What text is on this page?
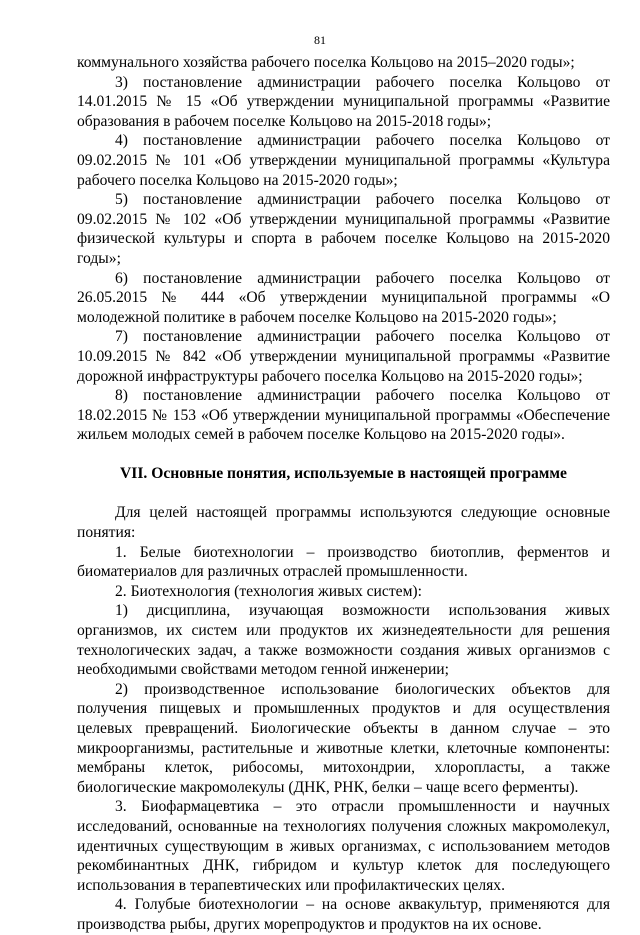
81

коммунального хозяйства рабочего поселка Кольцово на 2015–2020 годы»;

3) постановление администрации рабочего поселка Кольцово от 14.01.2015 № 15 «Об утверждении муниципальной программы «Развитие образования в рабочем поселке Кольцово на 2015-2018 годы»;

4) постановление администрации рабочего поселка Кольцово от 09.02.2015 № 101 «Об утверждении муниципальной программы «Культура рабочего поселка Кольцово на 2015-2020 годы»;

5) постановление администрации рабочего поселка Кольцово от 09.02.2015 № 102 «Об утверждении муниципальной программы «Развитие физической культуры и спорта в рабочем поселке Кольцово на 2015-2020 годы»;

6) постановление администрации рабочего поселка Кольцово от 26.05.2015 № 444 «Об утверждении муниципальной программы «О молодежной политике в рабочем поселке Кольцово на 2015-2020 годы»;

7) постановление администрации рабочего поселка Кольцово от 10.09.2015 № 842 «Об утверждении муниципальной программы «Развитие дорожной инфраструктуры рабочего поселка Кольцово на 2015-2020 годы»;

8) постановление администрации рабочего поселка Кольцово от 18.02.2015 № 153 «Об утверждении муниципальной программы «Обеспечение жильем молодых семей в рабочем поселке Кольцово на 2015-2020 годы».

VII. Основные понятия, используемые в настоящей программе

Для целей настоящей программы используются следующие основные понятия:

1. Белые биотехнологии – производство биотоплив, ферментов и биоматериалов для различных отраслей промышленности.

2. Биотехнология (технология живых систем):

1) дисциплина, изучающая возможности использования живых организмов, их систем или продуктов их жизнедеятельности для решения технологических задач, а также возможности создания живых организмов с необходимыми свойствами методом генной инженерии;

2) производственное использование биологических объектов для получения пищевых и промышленных продуктов и для осуществления целевых превращений. Биологические объекты в данном случае – это микроорганизмы, растительные и животные клетки, клеточные компоненты: мембраны клеток, рибосомы, митохондрии, хлоропласты, а также биологические макромолекулы (ДНК, РНК, белки – чаще всего ферменты).

3. Биофармацевтика – это отрасли промышленности и научных исследований, основанные на технологиях получения сложных макромолекул, идентичных существующим в живых организмах, с использованием методов рекомбинантных ДНК, гибридом и культур клеток для последующего использования в терапевтических или профилактических целях.

4. Голубые биотехнологии – на основе аквакультур, применяются для производства рыбы, других морепродуктов и продуктов на их основе.
